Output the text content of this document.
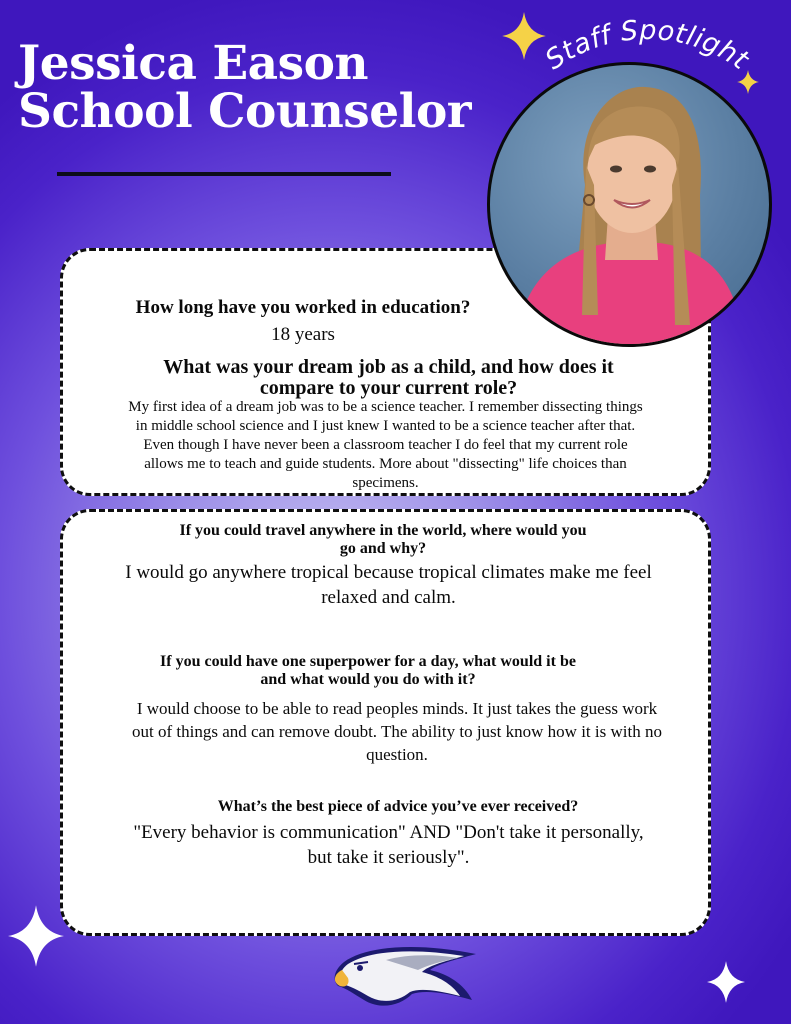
Jessica Eason
School Counselor

How long have you worked in education?

18 years

What was your dream job as a child, and how does it
compare to your current role?

My first idea of a dream job was to be a science teacher. I remember dissecting things
in middle school science and I just knew I wanted to be a science teacher after that.
Even though I have never been a classroom teacher I do feel that my current role
allows me to teach and guide students. More about "dissecting" life choices than
specimens.

If you could travel anywhere in the world, where would you
go and why?

I would go anywhere tropical because tropical climates make me feel
relaxed and calm.

If you could have one superpower for a day, what would it be
and what would you do with it?

I would choose to be able to read peoples minds. It just takes the guess work
out of things and can remove doubt. The ability to just know how it is with no
question.

What’s the best piece of advice you’ve ever received?

"Every behavior is communication" AND "Don't take it personally,
but take it seriously".

Staff Spotlight
